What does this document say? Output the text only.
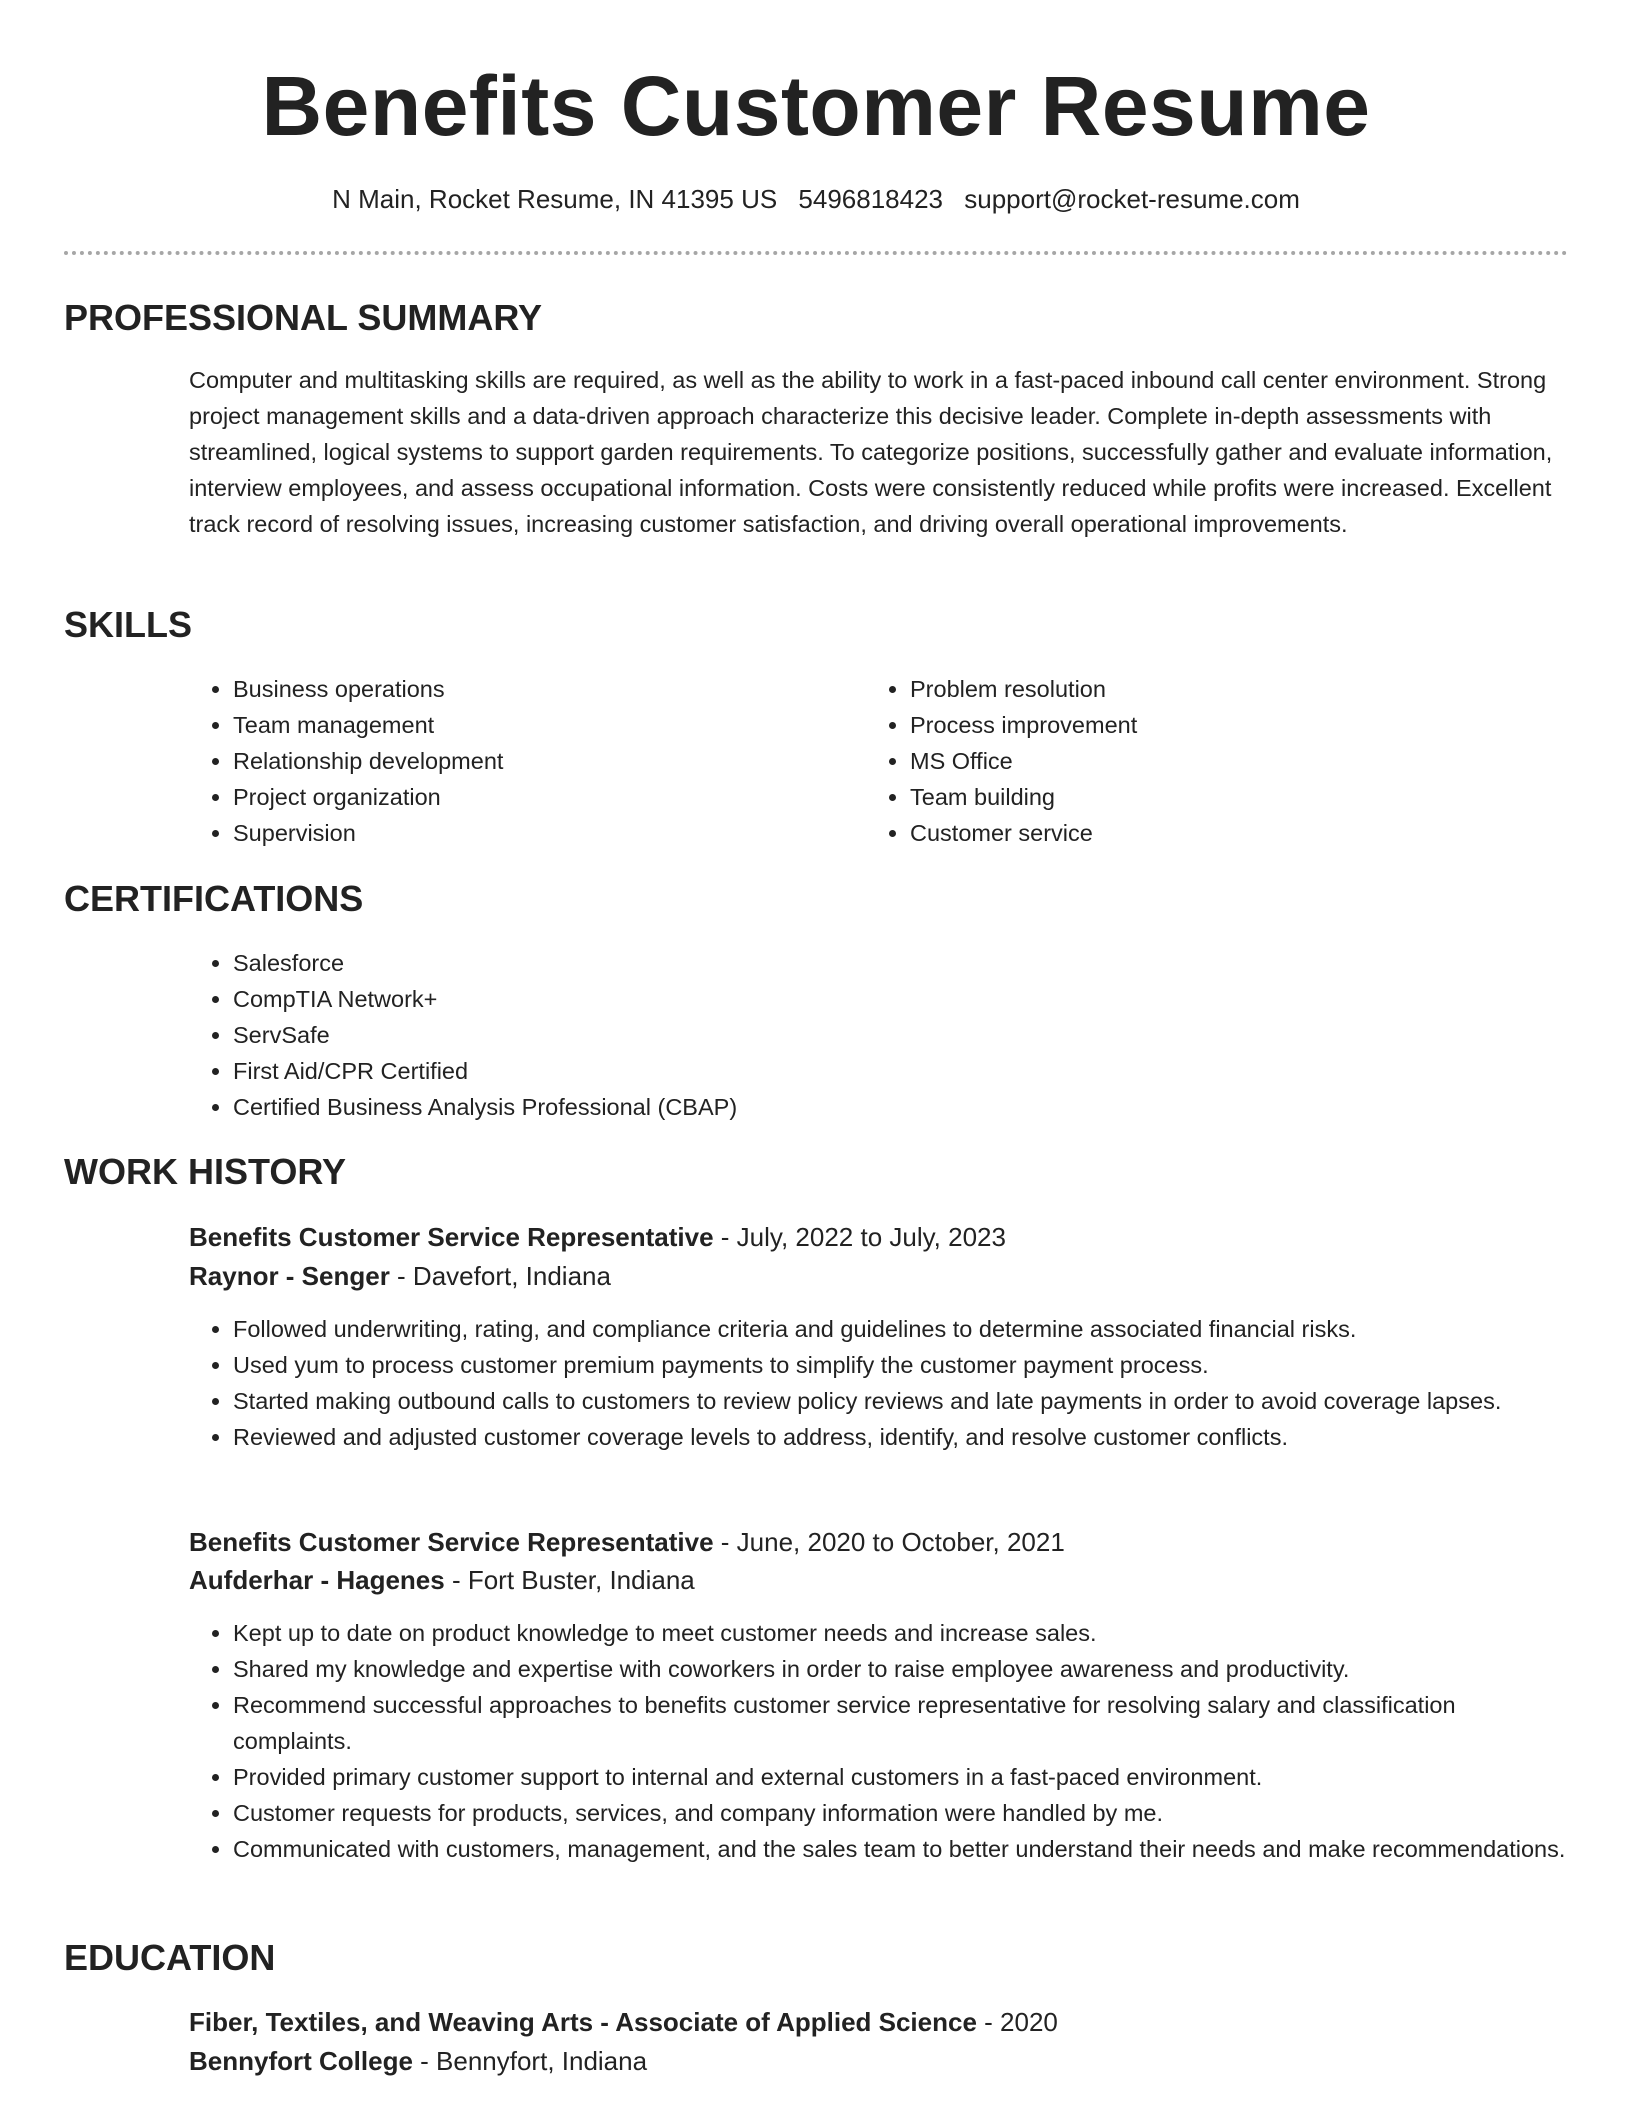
Benefits Customer Resume
N Main, Rocket Resume, IN 41395 US 5496818423 support@rocket-resume.com
PROFESSIONAL SUMMARY
Computer and multitasking skills are required, as well as the ability to work in a fast-paced inbound call center environment. Strong project management skills and a data-driven approach characterize this decisive leader. Complete in-depth assessments with streamlined, logical systems to support garden requirements. To categorize positions, successfully gather and evaluate information, interview employees, and assess occupational information. Costs were consistently reduced while profits were increased. Excellent track record of resolving issues, increasing customer satisfaction, and driving overall operational improvements.
SKILLS
• Business operations
• Team management
• Relationship development
• Project organization
• Supervision
• Problem resolution
• Process improvement
• MS Office
• Team building
• Customer service
CERTIFICATIONS
• Salesforce
• CompTIA Network+
• ServSafe
• First Aid/CPR Certified
• Certified Business Analysis Professional (CBAP)
WORK HISTORY
Benefits Customer Service Representative - July, 2022 to July, 2023
Raynor - Senger - Davefort, Indiana
• Followed underwriting, rating, and compliance criteria and guidelines to determine associated financial risks.
• Used yum to process customer premium payments to simplify the customer payment process.
• Started making outbound calls to customers to review policy reviews and late payments in order to avoid coverage lapses.
• Reviewed and adjusted customer coverage levels to address, identify, and resolve customer conflicts.
Benefits Customer Service Representative - June, 2020 to October, 2021
Aufderhar - Hagenes - Fort Buster, Indiana
• Kept up to date on product knowledge to meet customer needs and increase sales.
• Shared my knowledge and expertise with coworkers in order to raise employee awareness and productivity.
• Recommend successful approaches to benefits customer service representative for resolving salary and classification complaints.
• Provided primary customer support to internal and external customers in a fast-paced environment.
• Customer requests for products, services, and company information were handled by me.
• Communicated with customers, management, and the sales team to better understand their needs and make recommendations.
EDUCATION
Fiber, Textiles, and Weaving Arts - Associate of Applied Science - 2020
Bennyfort College - Bennyfort, Indiana
